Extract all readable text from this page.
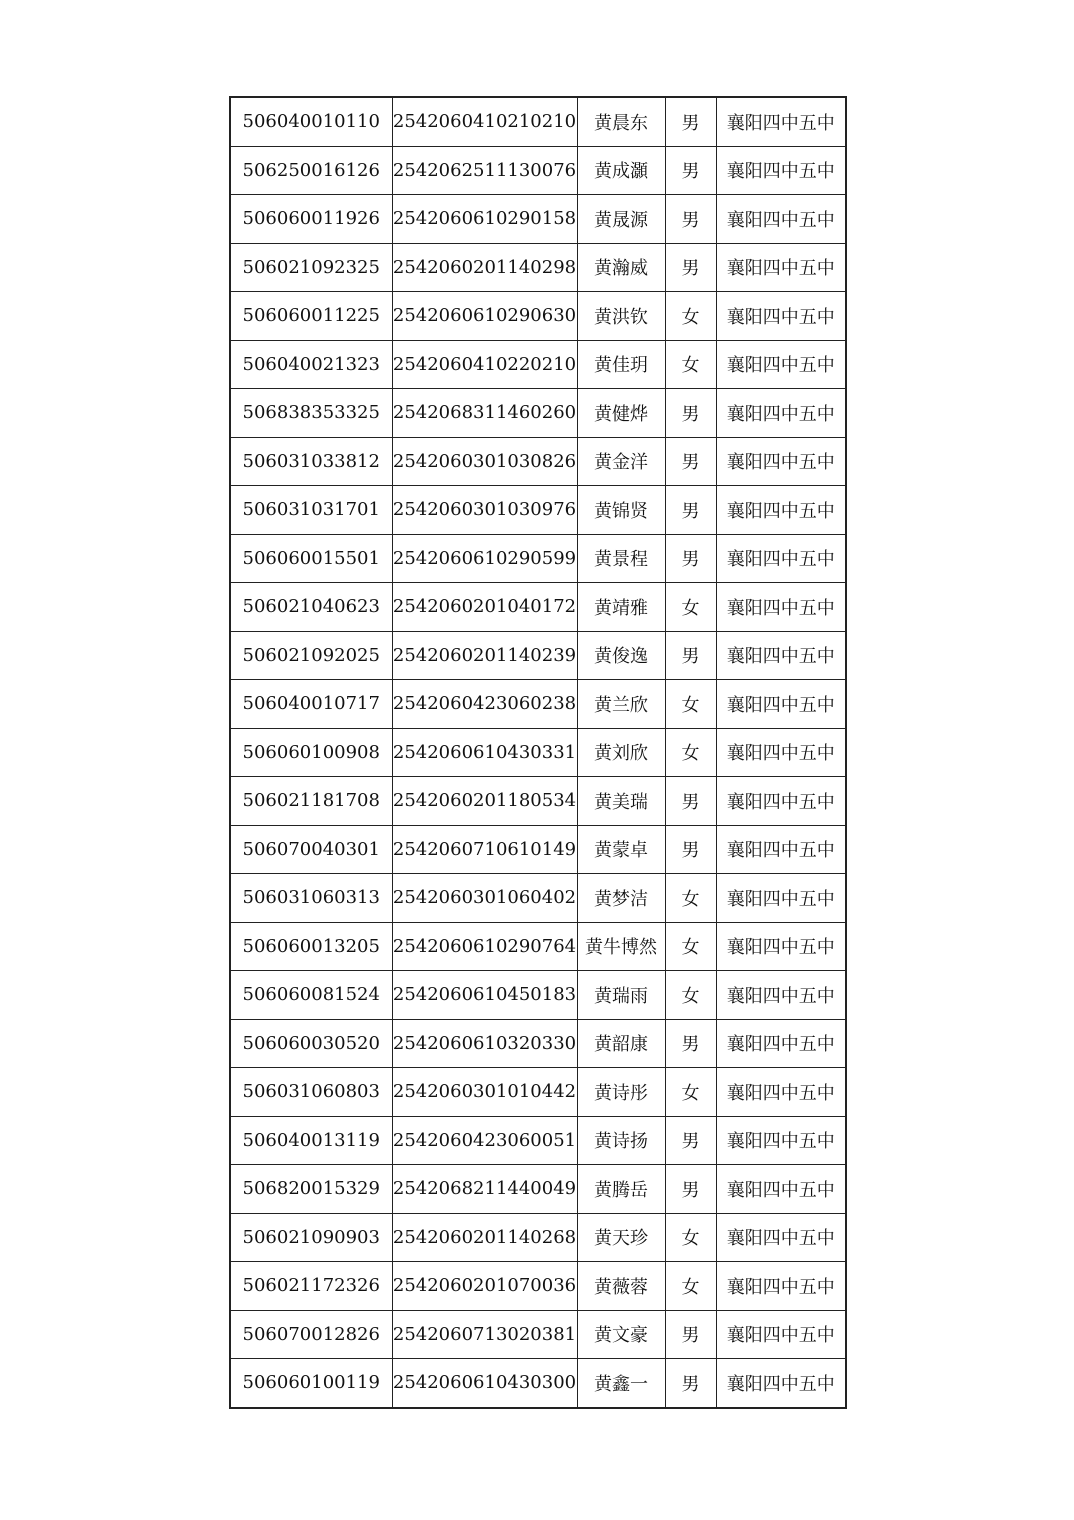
506040010110	2542060410210210	黄晨东	男	襄阳四中五中
506250016126	2542062511130076	黄成灝	男	襄阳四中五中
506060011926	2542060610290158	黄晟源	男	襄阳四中五中
506021092325	2542060201140298	黄瀚威	男	襄阳四中五中
506060011225	2542060610290630	黄洪钦	女	襄阳四中五中
506040021323	2542060410220210	黄佳玥	女	襄阳四中五中
506838353325	2542068311460260	黄健烨	男	襄阳四中五中
506031033812	2542060301030826	黄金洋	男	襄阳四中五中
506031031701	2542060301030976	黄锦贤	男	襄阳四中五中
506060015501	2542060610290599	黄景程	男	襄阳四中五中
506021040623	2542060201040172	黄靖雅	女	襄阳四中五中
506021092025	2542060201140239	黄俊逸	男	襄阳四中五中
506040010717	2542060423060238	黄兰欣	女	襄阳四中五中
506060100908	2542060610430331	黄刘欣	女	襄阳四中五中
506021181708	2542060201180534	黄美瑞	男	襄阳四中五中
506070040301	2542060710610149	黄蒙卓	男	襄阳四中五中
506031060313	2542060301060402	黄梦洁	女	襄阳四中五中
506060013205	2542060610290764	黄牛博然	女	襄阳四中五中
506060081524	2542060610450183	黄瑞雨	女	襄阳四中五中
506060030520	2542060610320330	黄韶康	男	襄阳四中五中
506031060803	2542060301010442	黄诗彤	女	襄阳四中五中
506040013119	2542060423060051	黄诗扬	男	襄阳四中五中
506820015329	2542068211440049	黄腾岳	男	襄阳四中五中
506021090903	2542060201140268	黄天珍	女	襄阳四中五中
506021172326	2542060201070036	黄薇蓉	女	襄阳四中五中
506070012826	2542060713020381	黄文豪	男	襄阳四中五中
506060100119	2542060610430300	黄鑫一	男	襄阳四中五中
